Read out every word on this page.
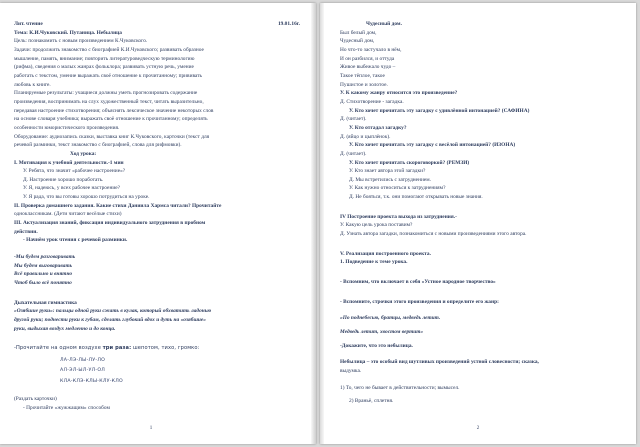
Лит. чтение	19.01.16г.

Тема: К.И.Чуковский. Путаница. Небылица

Цель: познакомить с новым произведением К.Чуковского.

Задачи: продолжить знакомство с биографией К.И.Чуковского; развивать образное

мышление, память, внимание; повторить литературоведческую терминологию

(рифма), сведения о малых жанрах фольклора; развивать устную речь, умение

работать с текстом, умение выражать своё отношение к прочитанному; прививать

любовь к книге.

Планируемые результаты: учащиеся должны уметь прогнозировать содержание

произведения, воспринимать на слух художественный текст, читать выразительно,

передавая настроение стихотворения; объяснять лексическое значение некоторых слов

на основе словаря учебника; выражать своё отношение к прочитанному; определять

особенности юмористического произведения.

Оборудование: аудиозапись сказки, выставка книг К.Чуковского, карточки (текст для

речевой разминки, текст знакомство с биографией, слова для рифмовки).

Ход урока:

I. Мотивация к учебной деятельности.-1 мин

У. Ребята, что значит «рабочее настроение»?

Д. Настроение хорошо поработать.

У. Я, надеюсь, у всех рабочее настроение?

У. Я рада, что вы готовы хорошо потрудиться на уроке.

II. Проверка домашнего задания. Какие стихи Даниила Хармса читали? Прочитайте

одноклассникам. (Дети читают весёлые стихи)

III. Актуализация знаний, фиксация индивидуального затруднения в пробном

действии.

- Начнём урок чтения с речевой разминки.

-Мы будем разговаривать

Мы будем выговаривать

Всё правильно и внятно

Чтоб было всё понятно

Дыхательная гимнастика

«Озябшие руки»: пальцы одной руки сжать в кулак, который обхватить ладонью

другой руки; поднести руки к губам, сделать глубокий вдох и дуть на «озябшие»

руки, выдыхая воздух медленно и до конца.

-Прочитайте на одном воздухе три раза: шепотом, тихо, громко:

ЛА-ЛЭ-ЛЫ-ЛУ-ЛО

АЛ-ЭЛ-ЫЛ-УЛ-ОЛ

КЛА-КЛЭ-КЛЫ-КЛУ-КЛО

(Раздать карточки)

- Прочитайте «жужжащим» способом

1

Чудесный дом.

Был белый дом,

Чудесный дом,

Но что-то застучало в нём,

И он разбился, и оттуда

Живое выбежало чудо –

Такое тёплое, такое

Пушистое и золотое.

У. К какому жанру относится это произведение?

Д. Стихотворение - загадка.

У. Кто хочет прочитать эту загадку с удивлённой интонацией? (САФИНА)

Д. (читает).

У. Кто отгадал загадку?

Д. (яйцо и цыплёнок).

У. Кто хочет прочитать эту загадку с весёлой интонацией? (ИЗОНА)

Д. (читает).

У. Кто хочет прочитать скороговоркой? (РЕМЗИ)

У. Кто знает автора этой загадки?

Д. Мы встретились с затруднением.

У. Как нужно относиться к затруднениям?

Д. Не бояться, т.к. они помогают открывать новые знания.

IV Построение проекта выхода из затруднения.-

У. Какую цель урока поставим?

Д. Узнать автора загадки, познакомиться с новыми произведениями этого автора.

V. Реализация построенного проекта.

1. Подведение к теме урока.

- Вспомним, что включает в себя «Устное народное творчество»

- Вспомните, строчки этого произведения и определите его жанр:

«По поднебесью, братцы, медведь летит.

Медведь летит, хвостом вертит»

-Докажите, что это небылица.

Небылица – это особый вид шутливых произведений устной словесности; сказка,

выдумка.

1) То, чего не бывает в действительности; вымысел.

2) Враньё, сплетня.

2
